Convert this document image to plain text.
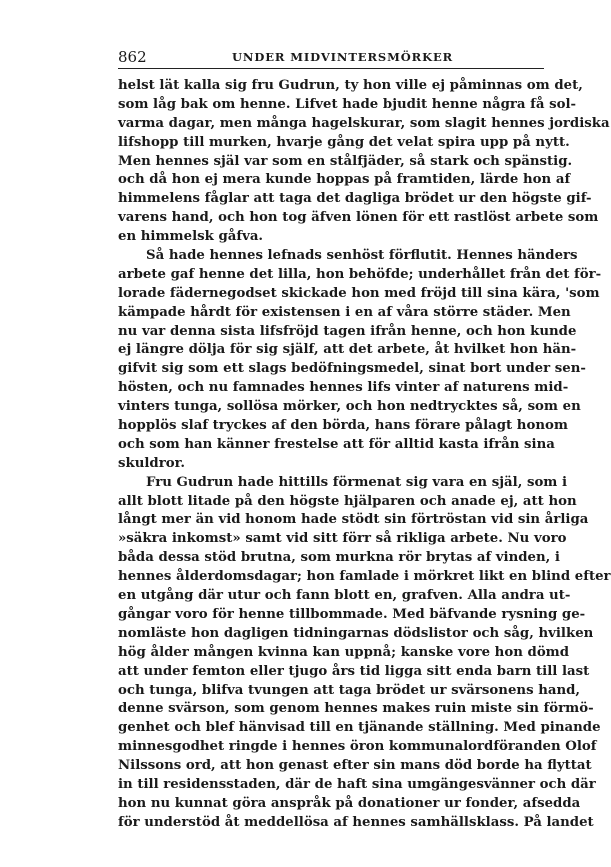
862	UNDER MIDVINTERSMÖRKER
helst lät kalla sig fru Gudrun, ty hon ville ej påminnas om det,
som låg bak om henne. Lifvet hade bjudit henne några få sol-
varma dagar, men många hagelskurar, som slagit hennes jordiska
lifshopp till murken, hvarje gång det velat spira upp på nytt.
Men hennes själ var som en stålfjäder, så stark och spänstig.
och då hon ej mera kunde hoppas på framtiden, lärde hon af
himmelens fåglar att taga det dagliga brödet ur den högste gif-
varens hand, och hon tog äfven lönen för ett rastlöst arbete som
en himmelsk gåfva.
Så hade hennes lefnads senhöst förflutit. Hennes händers
arbete gaf henne det lilla, hon behöfde; underhållet från det för-
lorade fädernegodset skickade hon med fröjd till sina kära, 'som
kämpade hårdt för existensen i en af våra större städer. Men
nu var denna sista lifsfröjd tagen ifrån henne, och hon kunde
ej längre dölja för sig själf, att det arbete, åt hvilket hon hän-
gifvit sig som ett slags bedöfningsmedel, sinat bort under sen-
hösten, och nu famnades hennes lifs vinter af naturens mid-
vinters tunga, sollösa mörker, och hon nedtrycktes så, som en
hopplös slaf tryckes af den börda, hans förare pålagt honom
och som han känner frestelse att för alltid kasta ifrån sina
skuldror.
Fru Gudrun hade hittills förmenat sig vara en själ, som i
allt blott litade på den högste hjälparen och anade ej, att hon
långt mer än vid honom hade stödt sin förtröstan vid sin årliga
»säkra inkomst» samt vid sitt förr så rikliga arbete. Nu voro
båda dessa stöd brutna, som murkna rör brytas af vinden, i
hennes ålderdomsdagar; hon famlade i mörkret likt en blind efter
en utgång där utur och fann blott en, grafven. Alla andra ut-
gångar voro för henne tillbommade. Med bäfvande rysning ge-
nomläste hon dagligen tidningarnas dödslistor och såg, hvilken
hög ålder mången kvinna kan uppnå; kanske vore hon dömd
att under femton eller tjugo års tid ligga sitt enda barn till last
och tunga, blifva tvungen att taga brödet ur svärsonens hand,
denne svärson, som genom hennes makes ruin miste sin förmö-
genhet och blef hänvisad till en tjänande ställning. Med pinande
minnesgodhet ringde i hennes öron kommunalordföranden Olof
Nilssons ord, att hon genast efter sin mans död borde ha flyttat
in till residensstaden, där de haft sina umgängesvänner och där
hon nu kunnat göra anspråk på donationer ur fonder, afsedda
för understöd åt meddellösa af hennes samhällsklass. På landet
